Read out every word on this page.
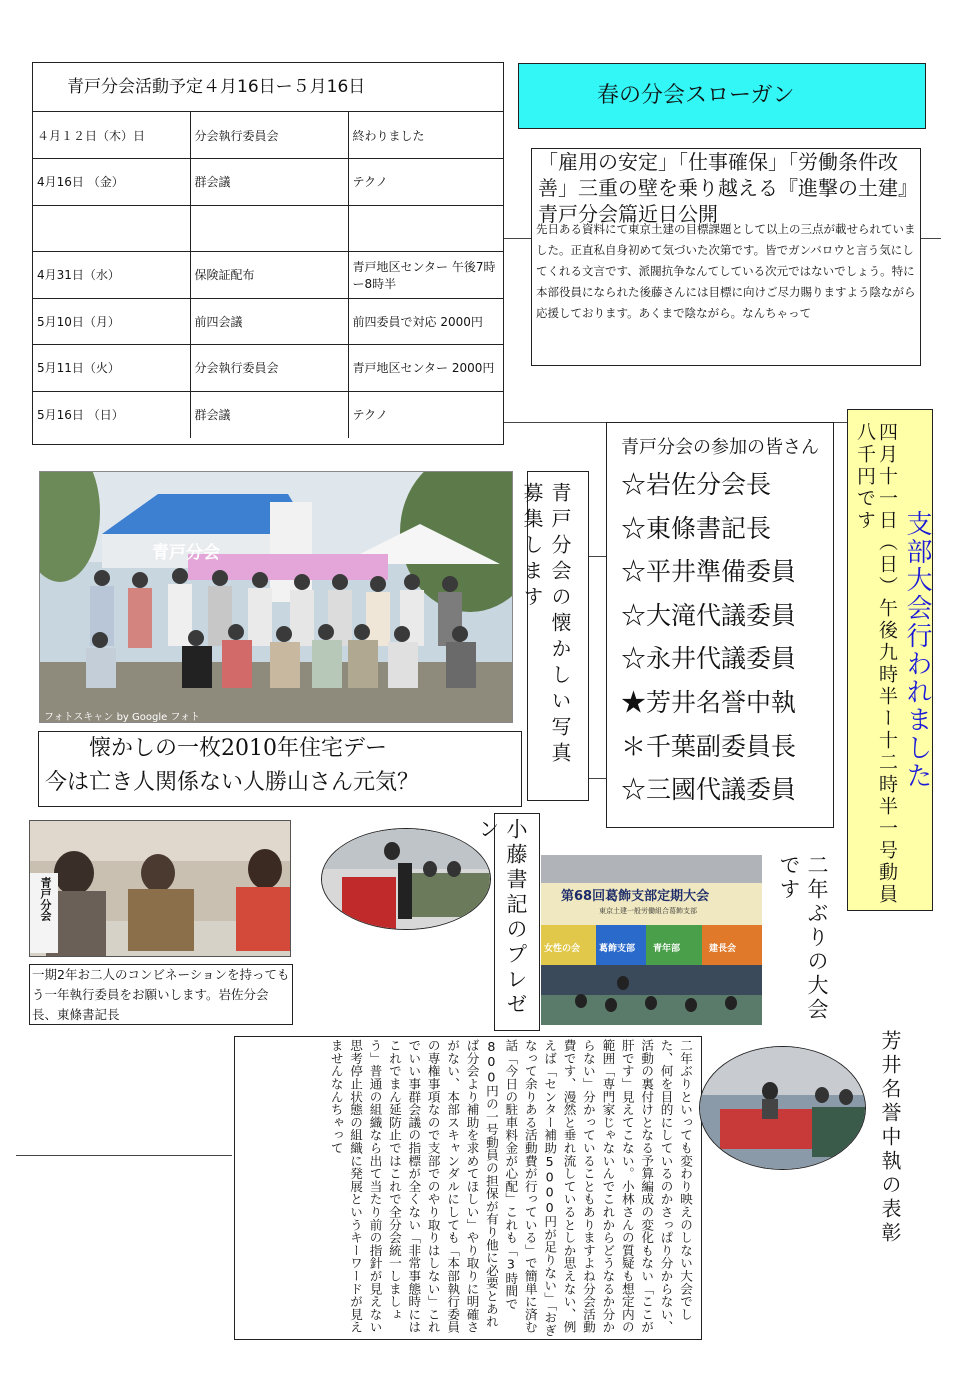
青戸分会活動予定４月16日ー５月16日
４月１２日（木）日	分会執行委員会	終わりました
4月16日 （金）	群会議	テクノ

4月31日（水）	保険証配布	青戸地区センター 午後7時ー8時半
5月10日（月）	前四会議	前四委員で対応 2000円
5月11日（火）	分会執行委員会	青戸地区センター 2000円
5月16日 （日）	群会議	テクノ
春の分会スローガン
「雇用の安定」「仕事確保」「労働条件改善」三重の壁を乗り越える『進撃の土建』青戸分会篇近日公開
先日ある資料にて東京土建の目標課題として以上の三点が載せられていました。正直私自身初めて気づいた次第です。皆でガンバロウと言う気にしてくれる文言です、派閥抗争なんてしている次元ではないでしょう。特に本部役員になられた後藤さんには目標に向けご尽力賜りますよう陰ながら応援しております。あくまで陰ながら。なんちゃって
青戸分会
フォトスキャン by Google フォト
懐かしの一枚2010年住宅デー
今は亡き人関係ない人勝山さん元気？
青戸分会の懐かしい写真募集します
青戸分会の参加の皆さん
☆岩佐分会長
☆東條書記長
☆平井準備委員
☆大滝代議委員
☆永井代議委員
★芳井名誉中執
＊千葉副委員長
☆三國代議委員	四月十一日（日）午後九時半ー十二時半一号動員八千円です
支部大会行われました
青戸分会
一期2年お二人のコンビネーションを持ってもう一年執行委員をお願いします。岩佐分会長、東條書記長	小藤書記のプレゼン
第68回葛飾支部定期大会
東京土建一般労働組合葛飾支部
女性の会 葛飾支部 青年部	建長会	二年ぶりの大会です
二年ぶりといっても変わり映えのしない大会でした、何を目的にしているのかさっぱり分からない、活動の裏付けとなる予算編成の変化もない「ここが肝です」見えてこない。小林さんの質疑も想定内の範囲「専門家じゃないんでこれからどうなるか分からない」分かっていることもありますよね分会活動費です、漫然と垂れ流しているとしか思えない、例えば「センター補助5000円が足りない」「おぎなって余りある活動費が行っている」で簡単に済む話「今日の駐車料金が心配」これも「3時間で800円の一号動員の担保が有り他に必要とあれば分会より補助を求めてほしい」やり取りに明確さがない、本部スキャンダルにしても「本部執行委員の専権事項なので支部でのやり取りはしない」これでいい事群会議の指標が全くない「非常事態時にはこれでまん延防止ではこれで全分会統一しましょう」普通の組織なら出て当たり前の指針が見えない思考停止状態の組織に発展というキーワードが見えませんなんちゃって	芳井名誉中執の表彰
